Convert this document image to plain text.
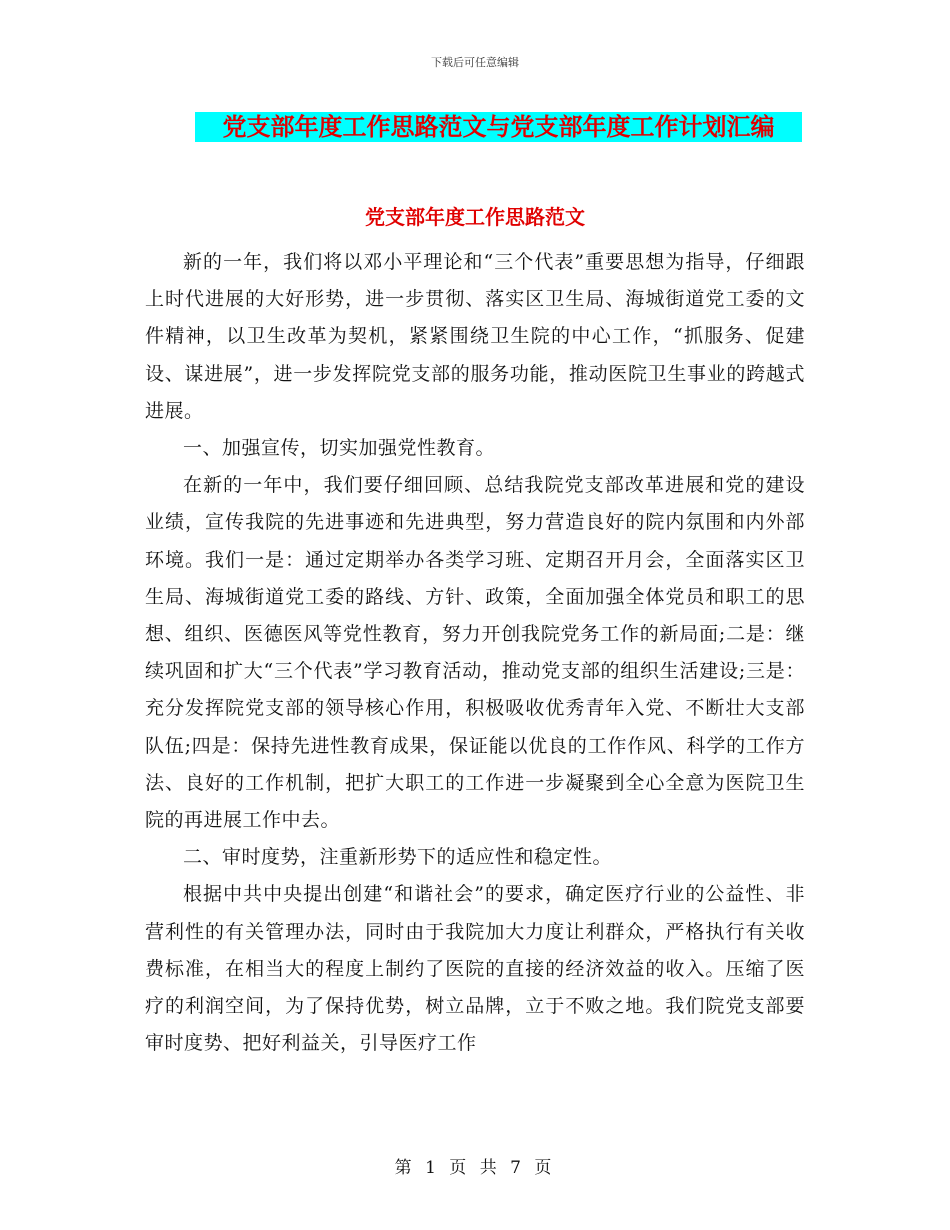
下载后可任意编辑
党支部年度工作思路范文与党支部年度工作计划汇编
党支部年度工作思路范文

新的一年，我们将以邓小平理论和“三个代表”重要思想为指导，仔细跟上时代进展的大好形势，进一步贯彻、落实区卫生局、海城街道党工委的文件精神，以卫生改革为契机，紧紧围绕卫生院的中心工作，“抓服务、促建设、谋进展”，进一步发挥院党支部的服务功能，推动医院卫生事业的跨越式进展。

一、加强宣传，切实加强党性教育。

在新的一年中，我们要仔细回顾、总结我院党支部改革进展和党的建设业绩，宣传我院的先进事迹和先进典型，努力营造良好的院内氛围和内外部环境。我们一是：通过定期举办各类学习班、定期召开月会，全面落实区卫生局、海城街道党工委的路线、方针、政策，全面加强全体党员和职工的思想、组织、医德医风等党性教育，努力开创我院党务工作的新局面;二是：继续巩固和扩大“三个代表”学习教育活动，推动党支部的组织生活建设;三是：充分发挥院党支部的领导核心作用，积极吸收优秀青年入党、不断壮大支部队伍;四是：保持先进性教育成果，保证能以优良的工作作风、科学的工作方法、良好的工作机制，把扩大职工的工作进一步凝聚到全心全意为医院卫生院的再进展工作中去。

二、审时度势，注重新形势下的适应性和稳定性。

根据中共中央提出创建“和谐社会”的要求，确定医疗行业的公益性、非营利性的有关管理办法，同时由于我院加大力度让利群众，严格执行有关收费标准，在相当大的程度上制约了医院的直接的经济效益的收入。压缩了医疗的利润空间，为了保持优势，树立品牌，立于不败之地。我们院党支部要审时度势、把好利益关，引导医疗工作

第 1 页 共 7 页
